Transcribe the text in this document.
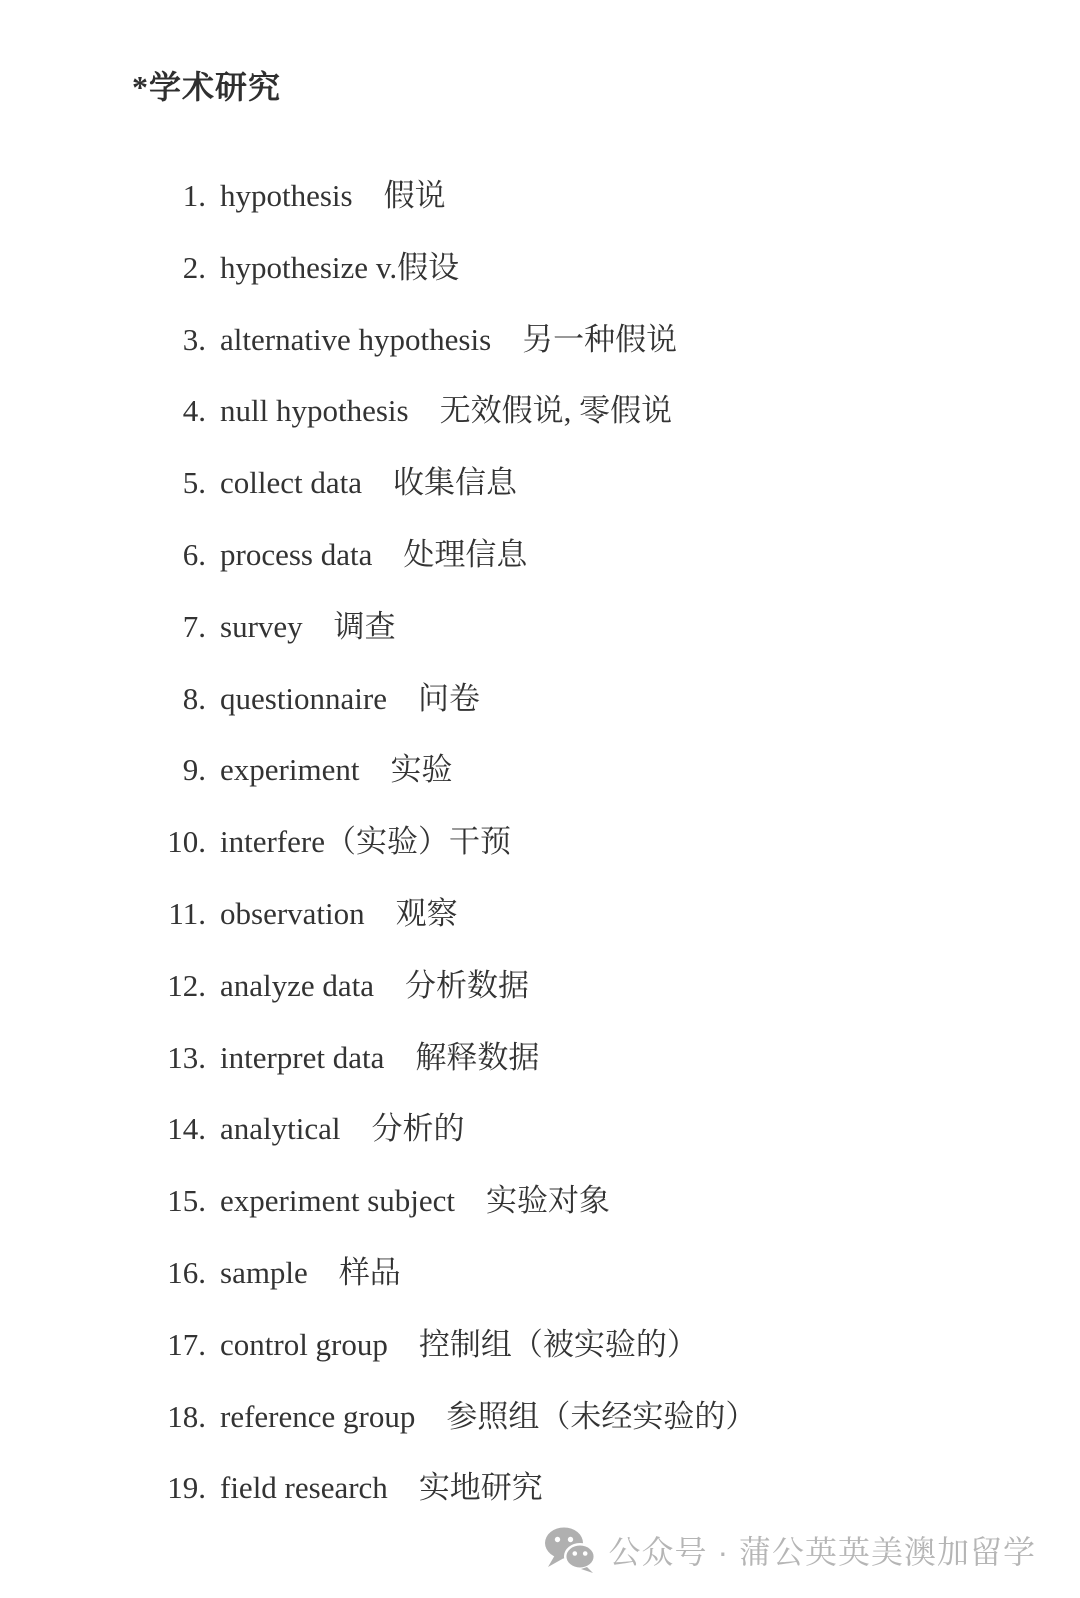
*学术研究
1. hypothesis
　 假说
2. hypothesize
v.假设
3. alternative hypothesis
　 另一种假说
4. null hypothesis
　 无效假说, 零假说
5. collect data
　 收集信息
6. process data
　 处理信息
7. survey
　 调查
8. questionnaire
　 问卷
9. experiment
　 实验
10. interfere （实验）干预
11. observation
　 观察
12. analyze data
　 分析数据
13. interpret data
　 解释数据
14. analytical
　 分析的
15. experiment subject
　 实验对象
16. sample
　 样品
17. control group
　 控制组（被实验的）
18. reference group
　 参照组（未经实验的）
19. field research
　 实地研究
公众号 · 蒲公英英美澳加留学
